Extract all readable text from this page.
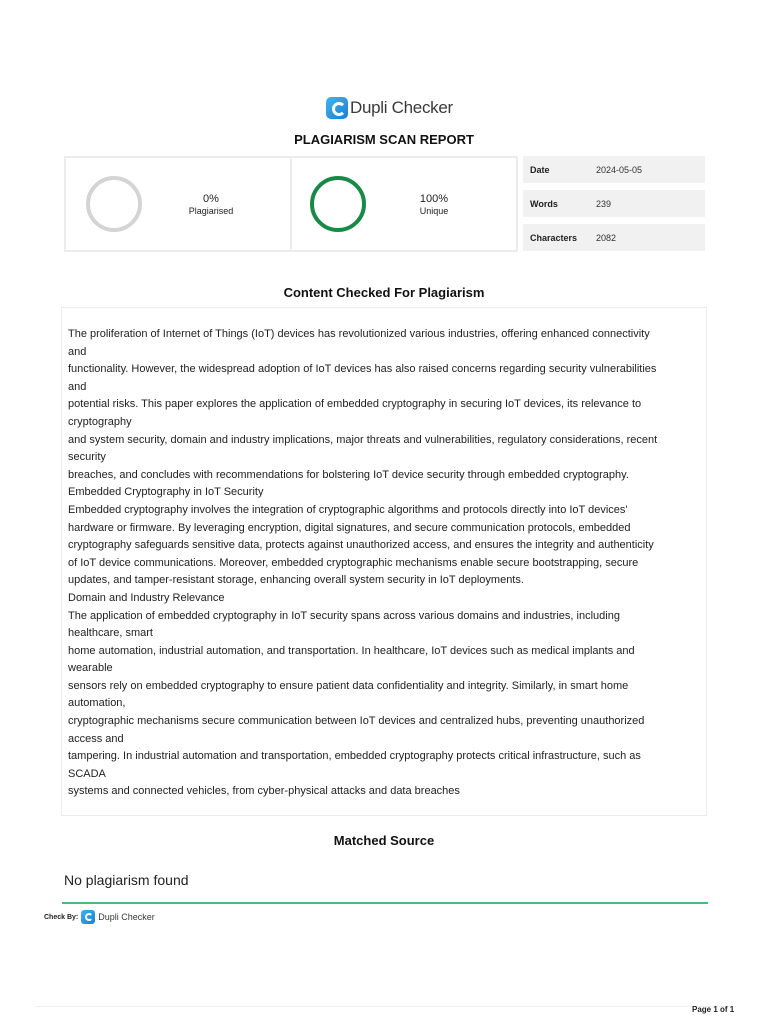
Dupli Checker
PLAGIARISM SCAN REPORT
0%
Plagiarised
100%
Unique
Date	2024-05-05
Words	239
Characters	2082
Content Checked For Plagiarism
The proliferation of Internet of Things (IoT) devices has revolutionized various industries, offering enhanced connectivity
and
functionality. However, the widespread adoption of IoT devices has also raised concerns regarding security vulnerabilities
and
potential risks. This paper explores the application of embedded cryptography in securing IoT devices, its relevance to
cryptography
and system security, domain and industry implications, major threats and vulnerabilities, regulatory considerations, recent
security
breaches, and concludes with recommendations for bolstering IoT device security through embedded cryptography.
Embedded Cryptography in IoT Security
Embedded cryptography involves the integration of cryptographic algorithms and protocols directly into IoT devices'
hardware or firmware. By leveraging encryption, digital signatures, and secure communication protocols, embedded
cryptography safeguards sensitive data, protects against unauthorized access, and ensures the integrity and authenticity
of IoT device communications. Moreover, embedded cryptographic mechanisms enable secure bootstrapping, secure
updates, and tamper-resistant storage, enhancing overall system security in IoT deployments.
Domain and Industry Relevance
The application of embedded cryptography in IoT security spans across various domains and industries, including
healthcare, smart
home automation, industrial automation, and transportation. In healthcare, IoT devices such as medical implants and
wearable
sensors rely on embedded cryptography to ensure patient data confidentiality and integrity. Similarly, in smart home
automation,
cryptographic mechanisms secure communication between IoT devices and centralized hubs, preventing unauthorized
access and
tampering. In industrial automation and transportation, embedded cryptography protects critical infrastructure, such as
SCADA
systems and connected vehicles, from cyber-physical attacks and data breaches
Matched Source
No plagiarism found
Check By: Dupli Checker
Page 1 of 1
